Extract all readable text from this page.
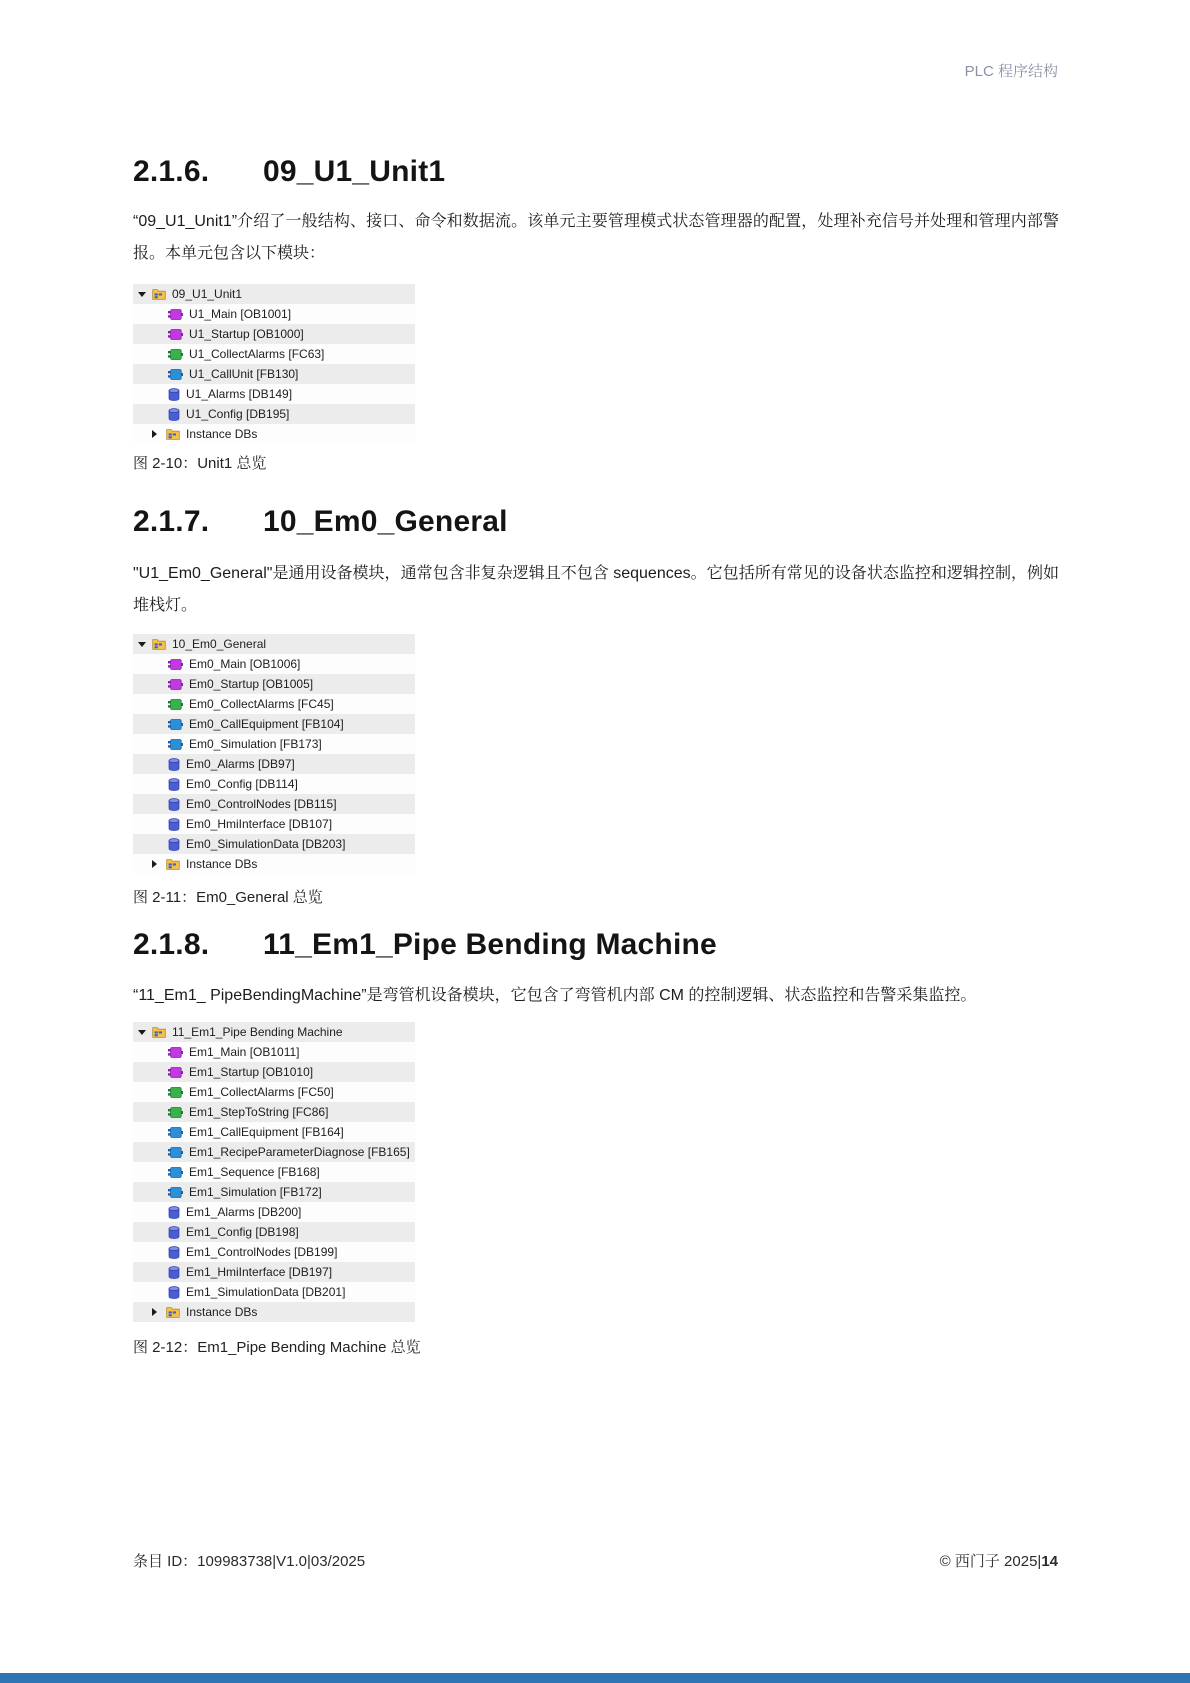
PLC 程序结构
2.1.6. 09_U1_Unit1
“09_U1_Unit1”介绍了一般结构、接口、命令和数据流。该单元主要管理模式状态管理器的配置，处理补充信号并处理和管理内部警报。本单元包含以下模块：
09_U1_Unit1
U1_Main [OB1001]
U1_Startup [OB1000]
U1_CollectAlarms [FC63]
U1_CallUnit [FB130]
U1_Alarms [DB149]
U1_Config [DB195]
Instance DBs
图 2-10：Unit1 总览
2.1.7. 10_Em0_General
"U1_Em0_General"是通用设备模块，通常包含非复杂逻辑且不包含 sequences。它包括所有常见的设备状态监控和逻辑控制，例如堆栈灯。
10_Em0_General
Em0_Main [OB1006]
Em0_Startup [OB1005]
Em0_CollectAlarms [FC45]
Em0_CallEquipment [FB104]
Em0_Simulation [FB173]
Em0_Alarms [DB97]
Em0_Config [DB114]
Em0_ControlNodes [DB115]
Em0_HmiInterface [DB107]
Em0_SimulationData [DB203]
Instance DBs
图 2-11：Em0_General 总览
2.1.8. 11_Em1_Pipe Bending Machine
“11_Em1_ PipeBendingMachine”是弯管机设备模块，它包含了弯管机内部 CM 的控制逻辑、状态监控和告警采集监控。
11_Em1_Pipe Bending Machine
Em1_Main [OB1011]
Em1_Startup [OB1010]
Em1_CollectAlarms [FC50]
Em1_StepToString [FC86]
Em1_CallEquipment [FB164]
Em1_RecipeParameterDiagnose [FB165]
Em1_Sequence [FB168]
Em1_Simulation [FB172]
Em1_Alarms [DB200]
Em1_Config [DB198]
Em1_ControlNodes [DB199]
Em1_HmiInterface [DB197]
Em1_SimulationData [DB201]
Instance DBs
图 2-12：Em1_Pipe Bending Machine 总览
条目 ID：109983738|V1.0|03/2025	© 西门子 2025|14
